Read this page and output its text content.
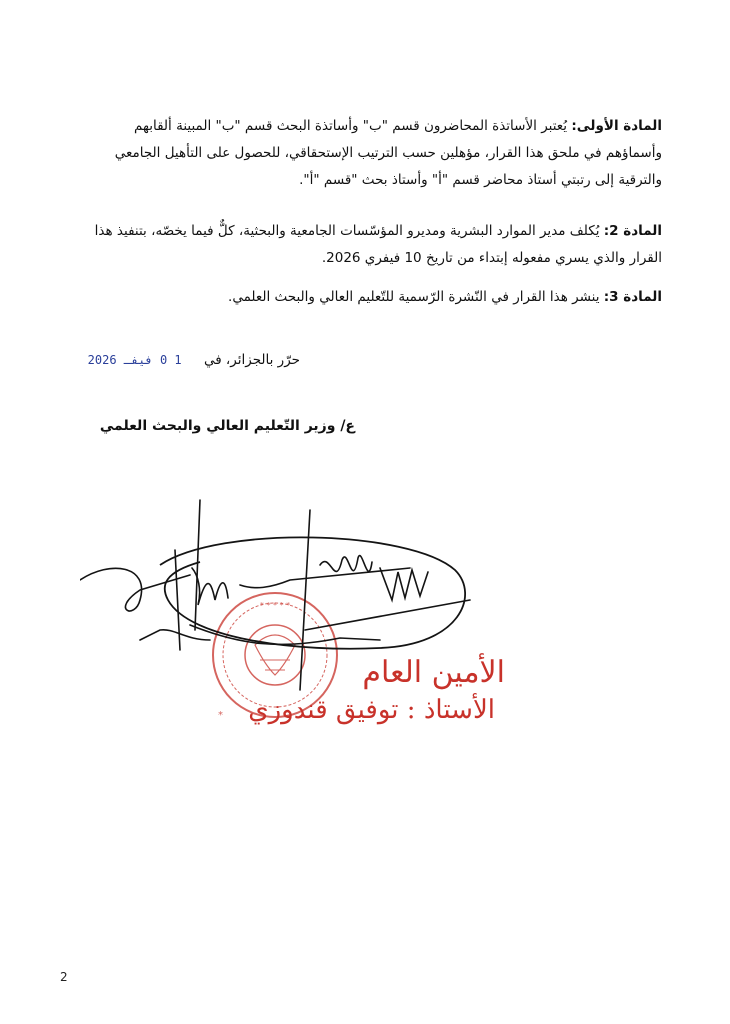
المادة الأولى: يُعتبر الأساتذة المحاضرون قسم "ب" وأساتذة البحث قسم "ب" المبينة ألقابهم
وأسماؤهم في ملحق هذا القرار، مؤهلين حسب الترتيب الإستحقاقي، للحصول على التأهيل الجامعي
والترقية إلى رتبتي أستاذ محاضر قسم "أ" وأستاذ بحث "قسم "أ".

المادة 2: يُكلف مدير الموارد البشرية ومديرو المؤسّسات الجامعية والبحثية، كلٌّ فيما يخصّه، بتنفيذ هذا
القرار والذي يسري مفعوله إبتداء من تاريخ 10 فيفري 2026.

المادة 3: ينشر هذا القرار في النّشرة الرّسمية للتّعليم العالي والبحث العلمي.

حرّر بالجزائر، في 1 0 فيفـ 2026
ع/ وزير التّعليم العالي والبحث العلمي
* * * * *
*
الأمين العام
الأستاذ : توفيق قندوزي
2
